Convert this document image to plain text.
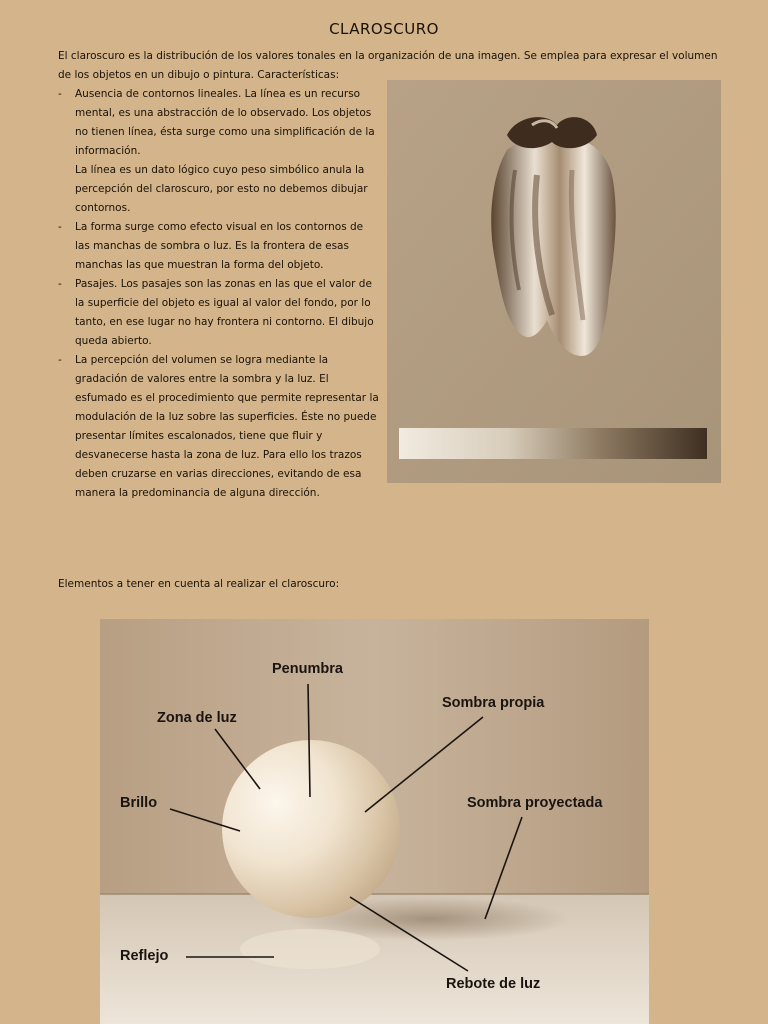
CLAROSCURO
El claroscuro es la distribución de los valores tonales en la organización de una imagen. Se emplea para expresar el volumen de los objetos en un dibujo o pintura. Características:
- Ausencia de contornos lineales. La línea es un recurso mental, es una abstracción de lo observado. Los objetos no tienen línea, ésta surge como una simplificación de la información.

La línea es un dato lógico cuyo peso simbólico anula la percepción del claroscuro, por esto no debemos dibujar contornos.

- La forma surge como efecto visual en los contornos de las manchas de sombra o luz. Es la frontera de esas manchas las que muestran la forma del objeto.

- Pasajes. Los pasajes son las zonas en las que el valor de la superficie del objeto es igual al valor del fondo, por lo tanto, en ese lugar no hay frontera ni contorno. El dibujo queda abierto.

- La percepción del volumen se logra mediante la gradación de valores entre la sombra y la luz. El esfumado es el procedimiento que permite representar la modulación de la luz sobre las superficies. Éste no puede presentar límites escalonados, tiene que fluir y desvanecerse hasta la zona de luz. Para ello los trazos deben cruzarse en varias direcciones, evitando de esa manera la predominancia de alguna dirección.

Elementos a tener en cuenta al realizar el claroscuro:
Penumbra
Zona de luz
Sombra propia
Brillo	Sombra proyectada
Reflejo
Rebote de luz
